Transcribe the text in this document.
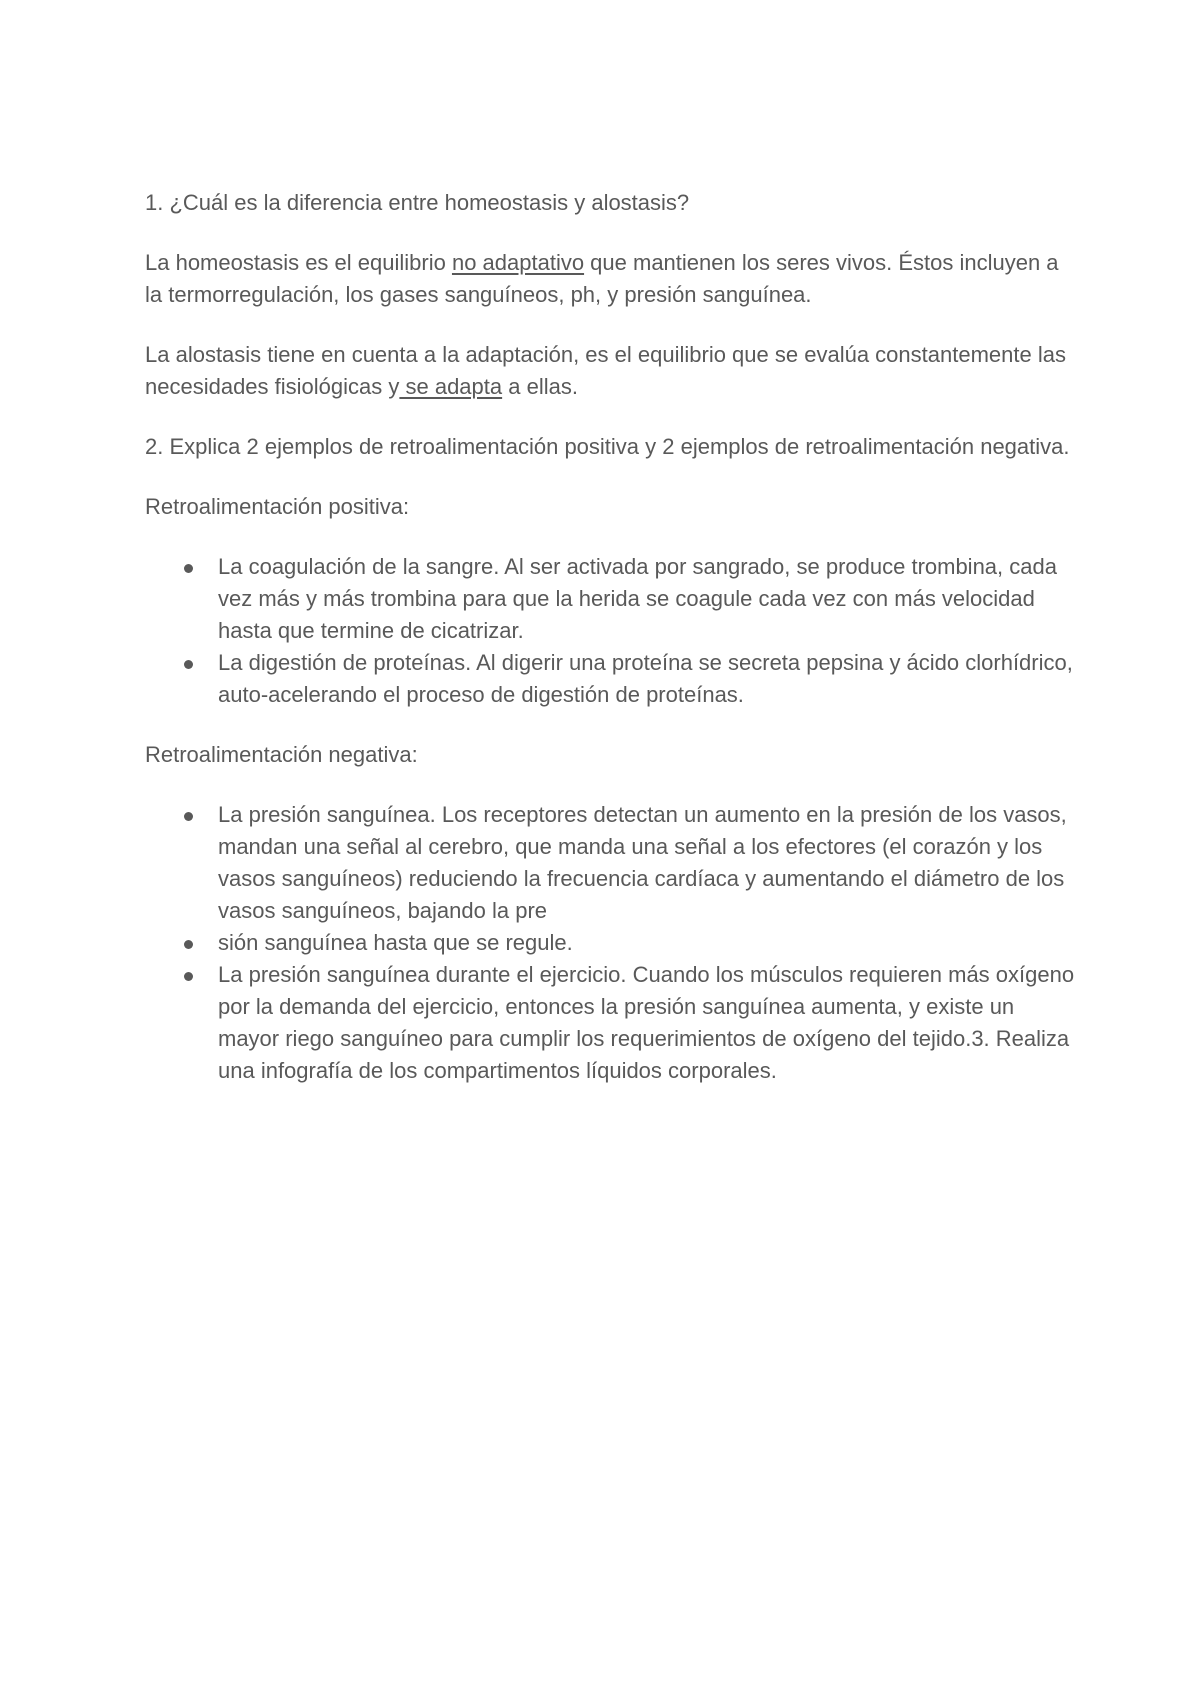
1. ¿Cuál es la diferencia entre homeostasis y alostasis?

La homeostasis es el equilibrio no adaptativo que mantienen los seres vivos. Éstos incluyen a la termorregulación, los gases sanguíneos, ph, y presión sanguínea.

La alostasis tiene en cuenta a la adaptación, es el equilibrio que se evalúa constantemente las necesidades fisiológicas y se adapta a ellas.

2. Explica 2 ejemplos de retroalimentación positiva y 2 ejemplos de retroalimentación negativa.

Retroalimentación positiva:

La coagulación de la sangre. Al ser activada por sangrado, se produce trombina, cada vez más y más trombina para que la herida se coagule cada vez con más velocidad hasta que termine de cicatrizar.
La digestión de proteínas. Al digerir una proteína se secreta pepsina y ácido clorhídrico, auto-acelerando el proceso de digestión de proteínas.

Retroalimentación negativa:

La presión sanguínea. Los receptores detectan un aumento en la presión de los vasos, mandan una señal al cerebro, que manda una señal a los efectores (el corazón y los vasos sanguíneos) reduciendo la frecuencia cardíaca y aumentando el diámetro de los vasos sanguíneos, bajando la pre
sión sanguínea hasta que se regule.
La presión sanguínea durante el ejercicio. Cuando los músculos requieren más oxígeno por la demanda del ejercicio, entonces la presión sanguínea aumenta, y existe un mayor riego sanguíneo para cumplir los requerimientos de oxígeno del tejido.3. Realiza una infografía de los compartimentos líquidos corporales.
